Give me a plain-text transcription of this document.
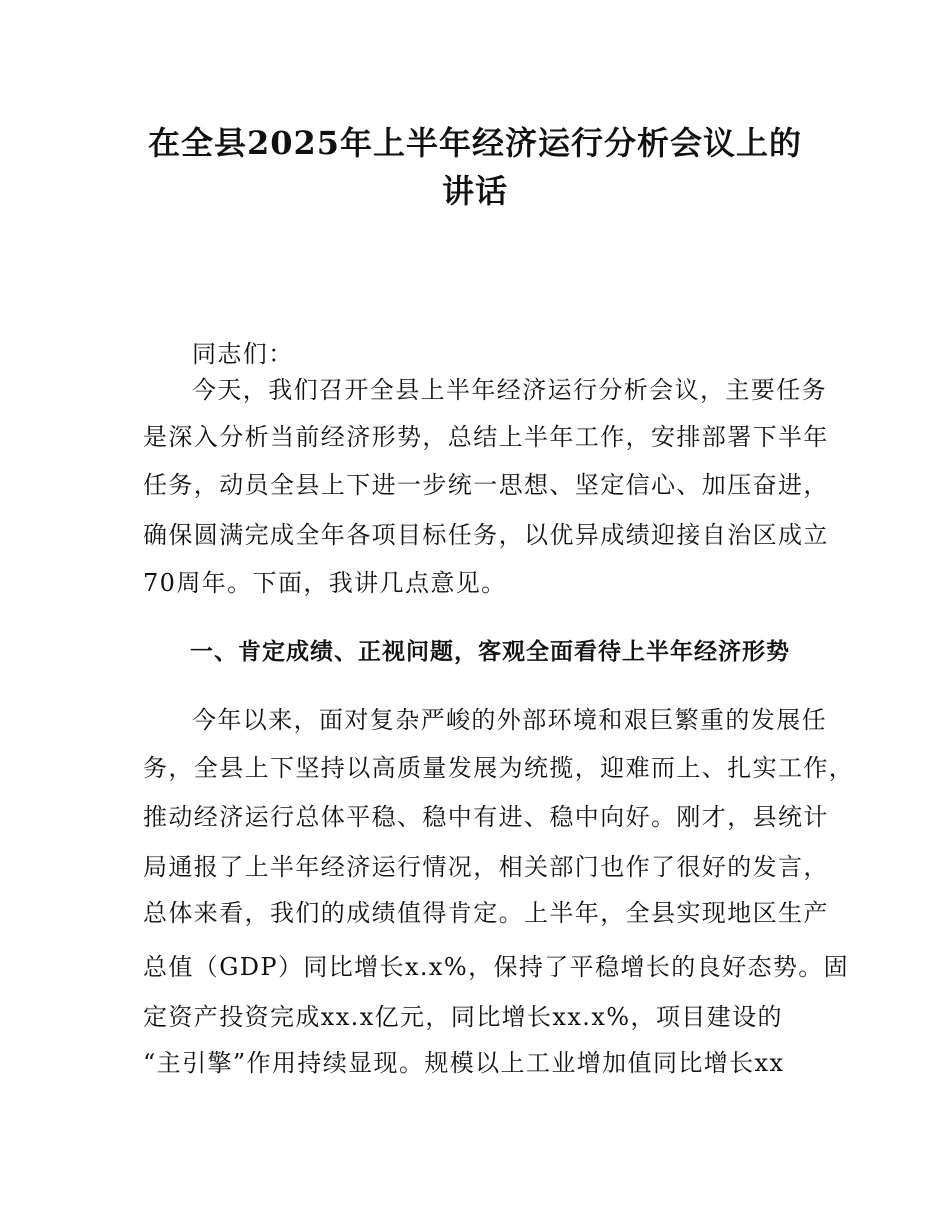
在全县2025年上半年经济运行分析会议上的
讲话
同志们：
今天，我们召开全县上半年经济运行分析会议，主要任务
是深入分析当前经济形势，总结上半年工作，安排部署下半年
任务，动员全县上下进一步统一思想、坚定信心、加压奋进，
确保圆满完成全年各项目标任务，以优异成绩迎接自治区成立
70周年。下面，我讲几点意见。
一、肯定成绩、正视问题，客观全面看待上半年经济形势
今年以来，面对复杂严峻的外部环境和艰巨繁重的发展任
务，全县上下坚持以高质量发展为统揽，迎难而上、扎实工作，
推动经济运行总体平稳、稳中有进、稳中向好。刚才，县统计
局通报了上半年经济运行情况，相关部门也作了很好的发言，
总体来看，我们的成绩值得肯定。上半年，全县实现地区生产
总值（GDP）同比增长x.x%，保持了平稳增长的良好态势。固
定资产投资完成xx.x亿元，同比增长xx.x%，项目建设的
“主引擎”作用持续显现。规模以上工业增加值同比增长xx
